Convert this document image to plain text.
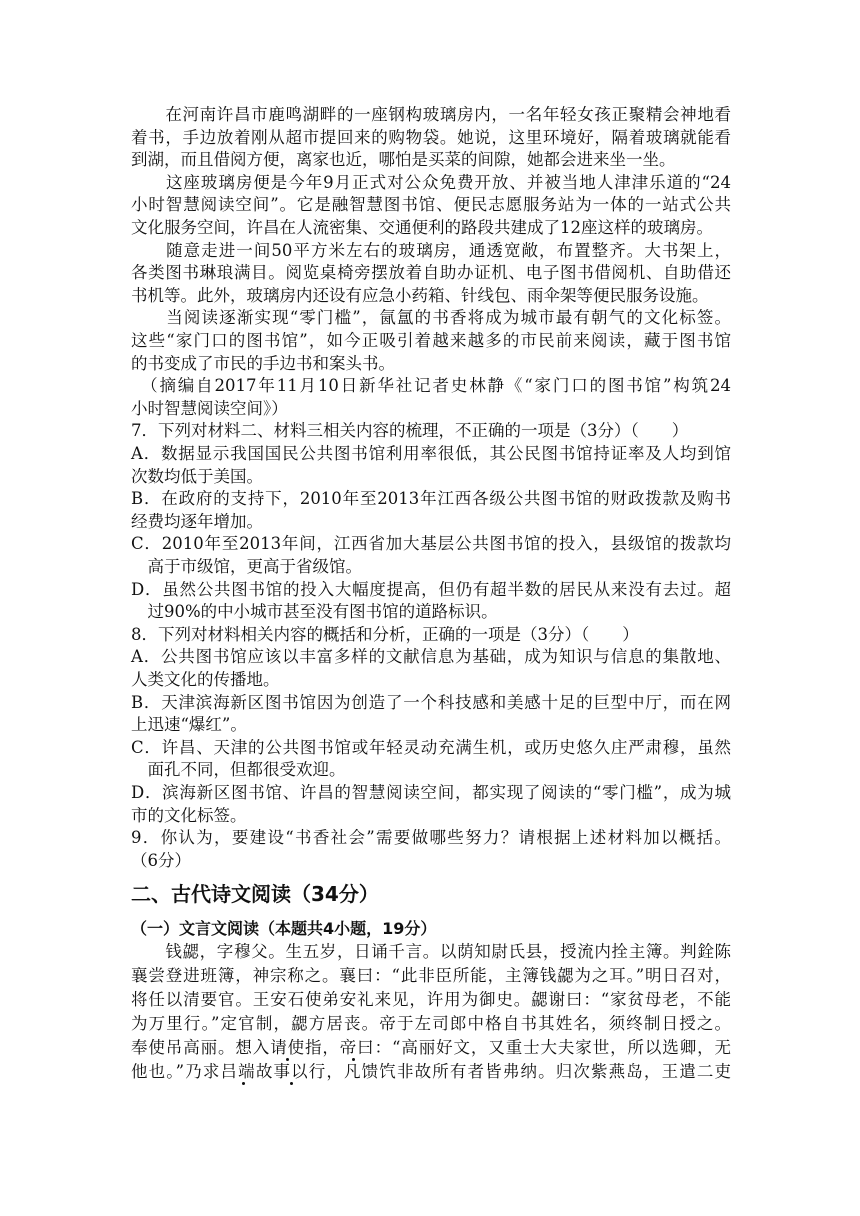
　　在河南许昌市鹿鸣湖畔的一座钢构玻璃房内，一名年轻女孩正聚精会神地看
着书，手边放着刚从超市提回来的购物袋。她说，这里环境好，隔着玻璃就能看
到湖，而且借阅方便，离家也近，哪怕是买菜的间隙，她都会进来坐一坐。
　　这座玻璃房便是今年9月正式对公众免费开放、并被当地人津津乐道的“24
小时智慧阅读空间”。它是融智慧图书馆、便民志愿服务站为一体的一站式公共
文化服务空间，许昌在人流密集、交通便利的路段共建成了12座这样的玻璃房。
　　随意走进一间50平方米左右的玻璃房，通透宽敞，布置整齐。大书架上，
各类图书琳琅满目。阅览桌椅旁摆放着自助办证机、电子图书借阅机、自助借还
书机等。此外，玻璃房内还设有应急小药箱、针线包、雨伞架等便民服务设施。
　　当阅读逐渐实现“零门槛”，氤氲的书香将成为城市最有朝气的文化标签。
这些“家门口的图书馆”，如今正吸引着越来越多的市民前来阅读，藏于图书馆
的书变成了市民的手边书和案头书。
　（摘编自2017年11月10日新华社记者史林静《“家门口的图书馆”构筑24
小时智慧阅读空间》）
7．下列对材料二、材料三相关内容的梳理，不正确的一项是（3分）（　　）
A．数据显示我国国民公共图书馆利用率很低，其公民图书馆持证率及人均到馆
次数均低于美国。
B．在政府的支持下，2010年至2013年江西各级公共图书馆的财政拨款及购书
经费均逐年增加。
C．2010年至2013年间，江西省加大基层公共图书馆的投入，县级馆的拨款均
　高于市级馆，更高于省级馆。
D．虽然公共图书馆的投入大幅度提高，但仍有超半数的居民从来没有去过。超
　过90%的中小城市甚至没有图书馆的道路标识。
8．下列对材料相关内容的概括和分析，正确的一项是（3分）（　　）
A．公共图书馆应该以丰富多样的文献信息为基础，成为知识与信息的集散地、
人类文化的传播地。
B．天津滨海新区图书馆因为创造了一个科技感和美感十足的巨型中厅，而在网
上迅速“爆红”。
C．许昌、天津的公共图书馆或年轻灵动充满生机，或历史悠久庄严肃穆，虽然
　面孔不同，但都很受欢迎。
D．滨海新区图书馆、许昌的智慧阅读空间，都实现了阅读的“零门槛”，成为城
市的文化标签。
二、古代诗文阅读（34分）
（一）文言文阅读（本题共4小题，19分）
　　钱勰，字穆父。生五岁，日诵千言。以荫知尉氏县，授流内拴主簿。判銓陈
襄尝登进班簿，神宗称之。襄曰：“此非臣所能，主簿钱勰为之耳。”明日召对，
将任以清要官。王安石使弟安礼来见，许用为御史。勰谢曰：“家贫母老，不能
为万里行。”定官制，勰方居丧。帝于左司郎中格自书其姓名，须终制日授之。
奉使吊高丽。想入请使指，帝曰：“高丽好文，又重士大夫家世，所以选卿，无
他也。”乃求吕端故事以行，凡馈饩非故所有者皆弗纳。归次紫燕岛，王遣二吏
9．你认为，要建设“书香社会”需要做哪些努力？请根据上述材料加以概括。
（6分）
